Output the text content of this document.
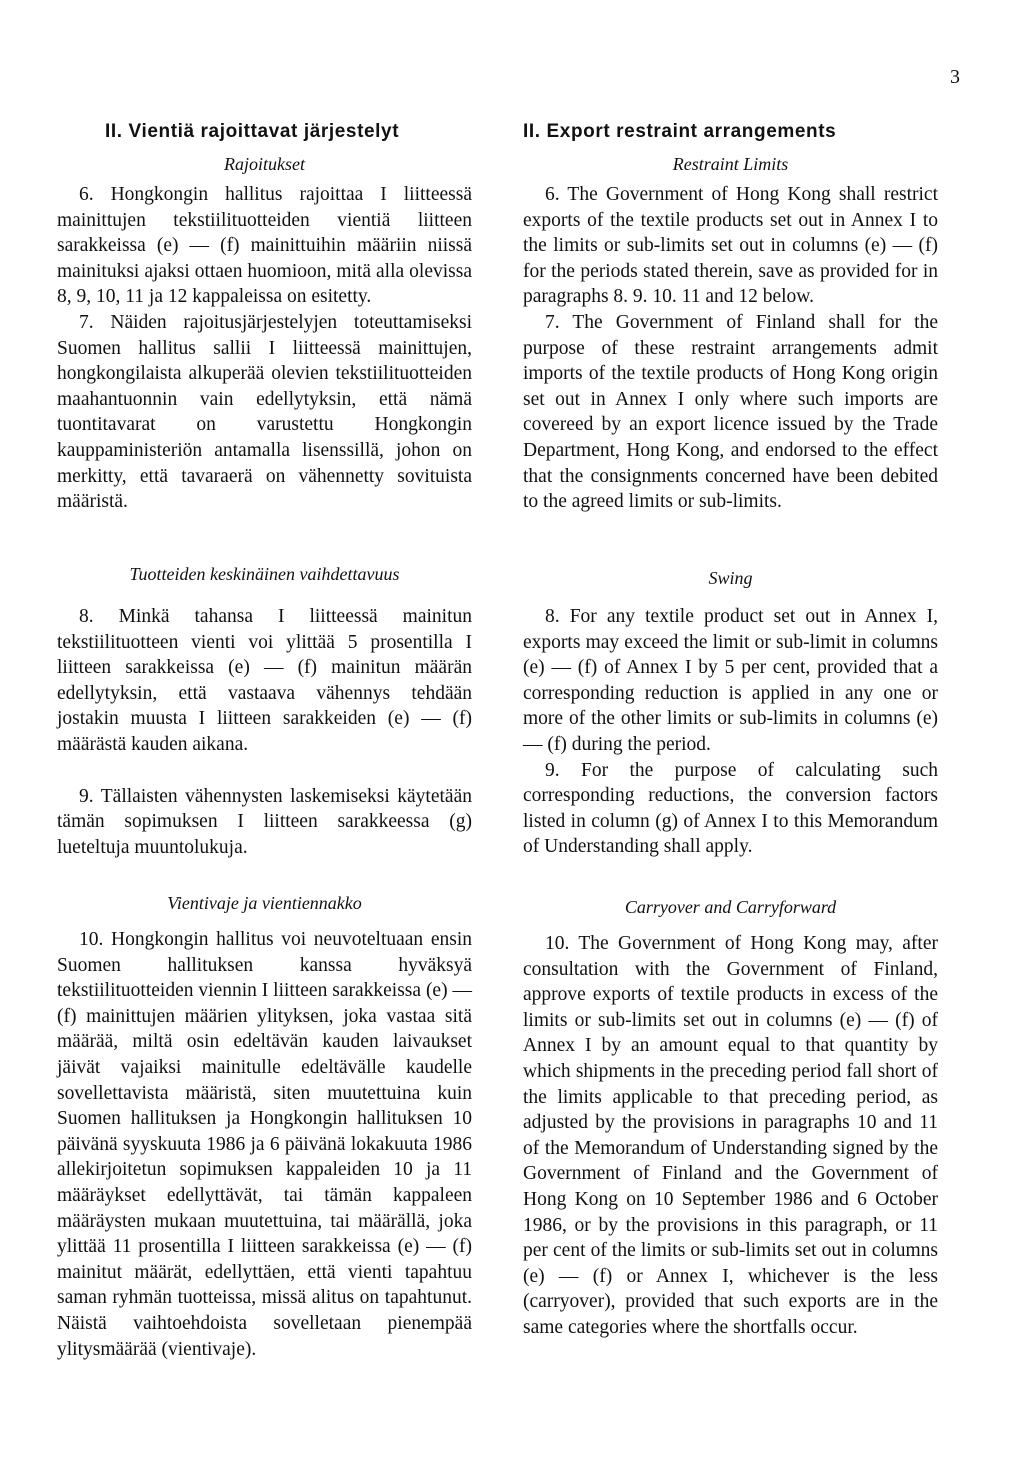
3
II. Vientiä rajoittavat järjestelyt

Rajoitukset

6. Hongkongin hallitus rajoittaa I liitteessä mainittujen tekstiilituotteiden vientiä liitteen sarakkeissa (e) — (f) mainittuihin määriin niissä mainituksi ajaksi ottaen huomioon, mitä alla olevissa 8, 9, 10, 11 ja 12 kappaleissa on esitetty.

7. Näiden rajoitusjärjestelyjen toteuttamiseksi Suomen hallitus sallii I liitteessä mainittujen, hongkongilaista alkuperää olevien tekstiilituotteiden maahantuonnin vain edellytyksin, että nämä tuontitavarat on varustettu Hongkongin kauppaministeriön antamalla lisenssillä, johon on merkitty, että tavaraerä on vähennetty sovituista määristä.

Tuotteiden keskinäinen vaihdettavuus

8. Minkä tahansa I liitteessä mainitun tekstiilituotteen vienti voi ylittää 5 prosentilla I liitteen sarakkeissa (e) — (f) mainitun määrän edellytyksin, että vastaava vähennys tehdään jostakin muusta I liitteen sarakkeiden (e) — (f) määrästä kauden aikana.

9. Tällaisten vähennysten laskemiseksi käytetään tämän sopimuksen I liitteen sarakkeessa (g) lueteltuja muuntolukuja.

Vientivaje ja vientiennakko

10. Hongkongin hallitus voi neuvoteltuaan ensin Suomen hallituksen kanssa hyväksyä tekstiilituotteiden viennin I liitteen sarakkeissa (e) — (f) mainittujen määrien ylityksen, joka vastaa sitä määrää, miltä osin edeltävän kauden laivaukset jäivät vajaiksi mainitulle edeltävälle kaudelle sovellettavista määristä, siten muutettuina kuin Suomen hallituksen ja Hongkongin hallituksen 10 päivänä syyskuuta 1986 ja 6 päivänä lokakuuta 1986 allekirjoitetun sopimuksen kappaleiden 10 ja 11 määräykset edellyttävät, tai tämän kappaleen määräysten mukaan muutettuina, tai määrällä, joka ylittää 11 prosentilla I liitteen sarakkeissa (e) — (f) mainitut määrät, edellyttäen, että vienti tapahtuu saman ryhmän tuotteissa, missä alitus on tapahtunut. Näistä vaihtoehdoista sovelletaan pienempää ylitysmäärää (vientivaje).

II. Export restraint arrangements

Restraint Limits

6. The Government of Hong Kong shall restrict exports of the textile products set out in Annex I to the limits or sub-limits set out in columns (e) — (f) for the periods stated therein, save as provided for in paragraphs 8. 9. 10. 11 and 12 below.

7. The Government of Finland shall for the purpose of these restraint arrangements admit imports of the textile products of Hong Kong origin set out in Annex I only where such imports are covereed by an export licence issued by the Trade Department, Hong Kong, and endorsed to the effect that the consignments concerned have been debited to the agreed limits or sub-limits.

Swing

8. For any textile product set out in Annex I, exports may exceed the limit or sub-limit in columns (e) — (f) of Annex I by 5 per cent, provided that a corresponding reduction is applied in any one or more of the other limits or sub-limits in columns (e) — (f) during the period.

9. For the purpose of calculating such corresponding reductions, the conversion factors listed in column (g) of Annex I to this Memorandum of Understanding shall apply.

Carryover and Carryforward

10. The Government of Hong Kong may, after consultation with the Government of Finland, approve exports of textile products in excess of the limits or sub-limits set out in columns (e) — (f) of Annex I by an amount equal to that quantity by which shipments in the preceding period fall short of the limits applicable to that preceding period, as adjusted by the provisions in paragraphs 10 and 11 of the Memorandum of Understanding signed by the Government of Finland and the Government of Hong Kong on 10 September 1986 and 6 October 1986, or by the provisions in this paragraph, or 11 per cent of the limits or sub-limits set out in columns (e) — (f) or Annex I, whichever is the less (carryover), provided that such exports are in the same categories where the shortfalls occur.
